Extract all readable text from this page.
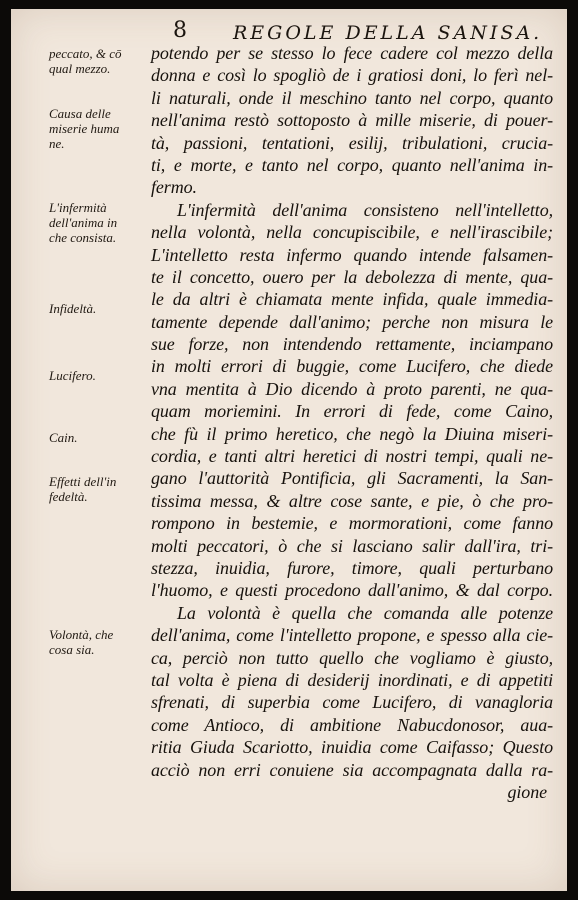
8 REGOLE DELLA SANISA.
peccato, & cō
qual mezzo.
Causa delle
miserie huma
ne.
L'infermità
dell'anima in
che consista.
Infideltà.
Lucifero.
Cain.
Effetti dell'in
fedeltà.
Volontà, che
cosa sia.
potendo per se stesso lo fece cadere col mezzo della
donna e così lo spogliò de i gratiosi doni, lo ferì nel-
li naturali, onde il meschino tanto nel corpo, quanto
nell'anima restò sottoposto à mille miserie, di pouer-
tà, passioni, tentationi, esilij, tribulationi, crucia-
ti, e morte, e tanto nel corpo, quanto nell'anima in-
fermo.
L'infermità dell'anima consisteno nell'intelletto,
nella volontà, nella concupiscibile, e nell'irascibile;
L'intelletto resta infermo quando intende falsamen-
te il concetto, ouero per la debolezza di mente, qua-
le da altri è chiamata mente infida, quale immedia-
tamente depende dall'animo; perche non misura le
sue forze, non intendendo rettamente, inciampano
in molti errori di buggie, come Lucifero, che diede
vna mentita à Dio dicendo à proto parenti, ne qua-
quam moriemini. In errori di fede, come Caino,
che fù il primo heretico, che negò la Diuina miseri-
cordia, e tanti altri heretici di nostri tempi, quali ne-
gano l'auttorità Pontificia, gli Sacramenti, la San-
tissima messa, & altre cose sante, e pie, ò che pro-
rompono in bestemie, e mormorationi, come fanno
molti peccatori, ò che si lasciano salir dall'ira, tri-
stezza, inuidia, furore, timore, quali perturbano
l'huomo, e questi procedono dall'animo, & dal corpo.
La volontà è quella che comanda alle potenze
dell'anima, come l'intelletto propone, e spesso alla cie-
ca, perciò non tutto quello che vogliamo è giusto,
tal volta è piena di desiderij inordinati, e di appetiti
sfrenati, di superbia come Lucifero, di vanagloria
come Antioco, di ambitione Nabucdonosor, aua-
ritia Giuda Scariotto, inuidia come Caifasso; Questo
acciò non erri conuiene sia accompagnata dalla ra-
gione
